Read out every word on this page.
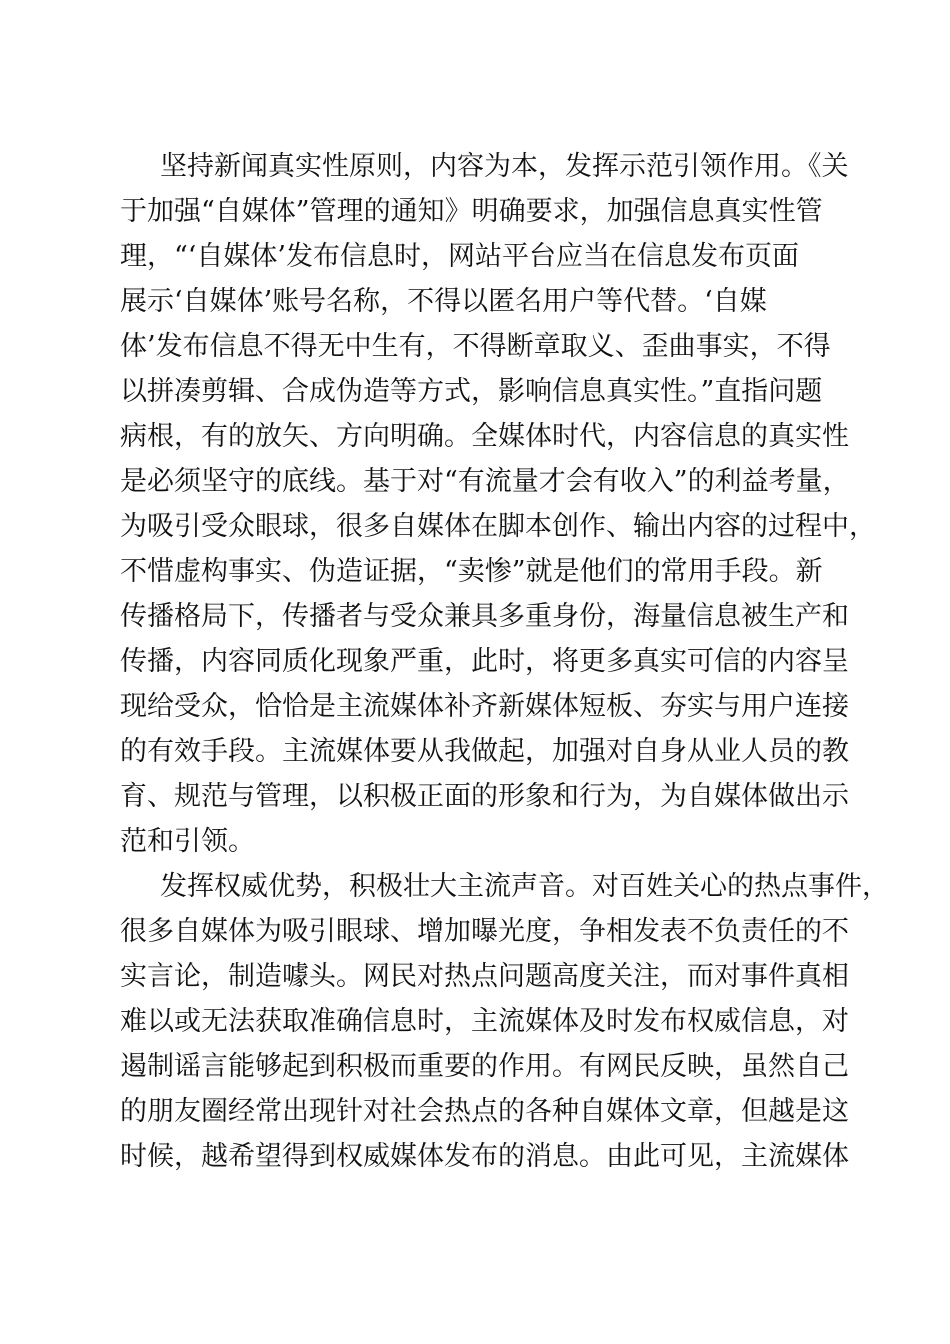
坚持新闻真实性原则，内容为本，发挥示范引领作用。《关
于加强“自媒体”管理的通知》明确要求，加强信息真实性管
理，“‘自媒体’发布信息时，网站平台应当在信息发布页面
展示‘自媒体’账号名称，不得以匿名用户等代替。‘自媒
体’发布信息不得无中生有，不得断章取义、歪曲事实，不得
以拼凑剪辑、合成伪造等方式，影响信息真实性。”直指问题
病根，有的放矢、方向明确。全媒体时代，内容信息的真实性
是必须坚守的底线。基于对“有流量才会有收入”的利益考量，
为吸引受众眼球，很多自媒体在脚本创作、输出内容的过程中，
不惜虚构事实、伪造证据，“卖惨”就是他们的常用手段。新
传播格局下，传播者与受众兼具多重身份，海量信息被生产和
传播，内容同质化现象严重，此时，将更多真实可信的内容呈
现给受众，恰恰是主流媒体补齐新媒体短板、夯实与用户连接
的有效手段。主流媒体要从我做起，加强对自身从业人员的教
育、规范与管理，以积极正面的形象和行为，为自媒体做出示
范和引领。
发挥权威优势，积极壮大主流声音。对百姓关心的热点事件，
很多自媒体为吸引眼球、增加曝光度，争相发表不负责任的不
实言论，制造噱头。网民对热点问题高度关注，而对事件真相
难以或无法获取准确信息时，主流媒体及时发布权威信息，对
遏制谣言能够起到积极而重要的作用。有网民反映，虽然自己
的朋友圈经常出现针对社会热点的各种自媒体文章，但越是这
时候，越希望得到权威媒体发布的消息。由此可见，主流媒体
